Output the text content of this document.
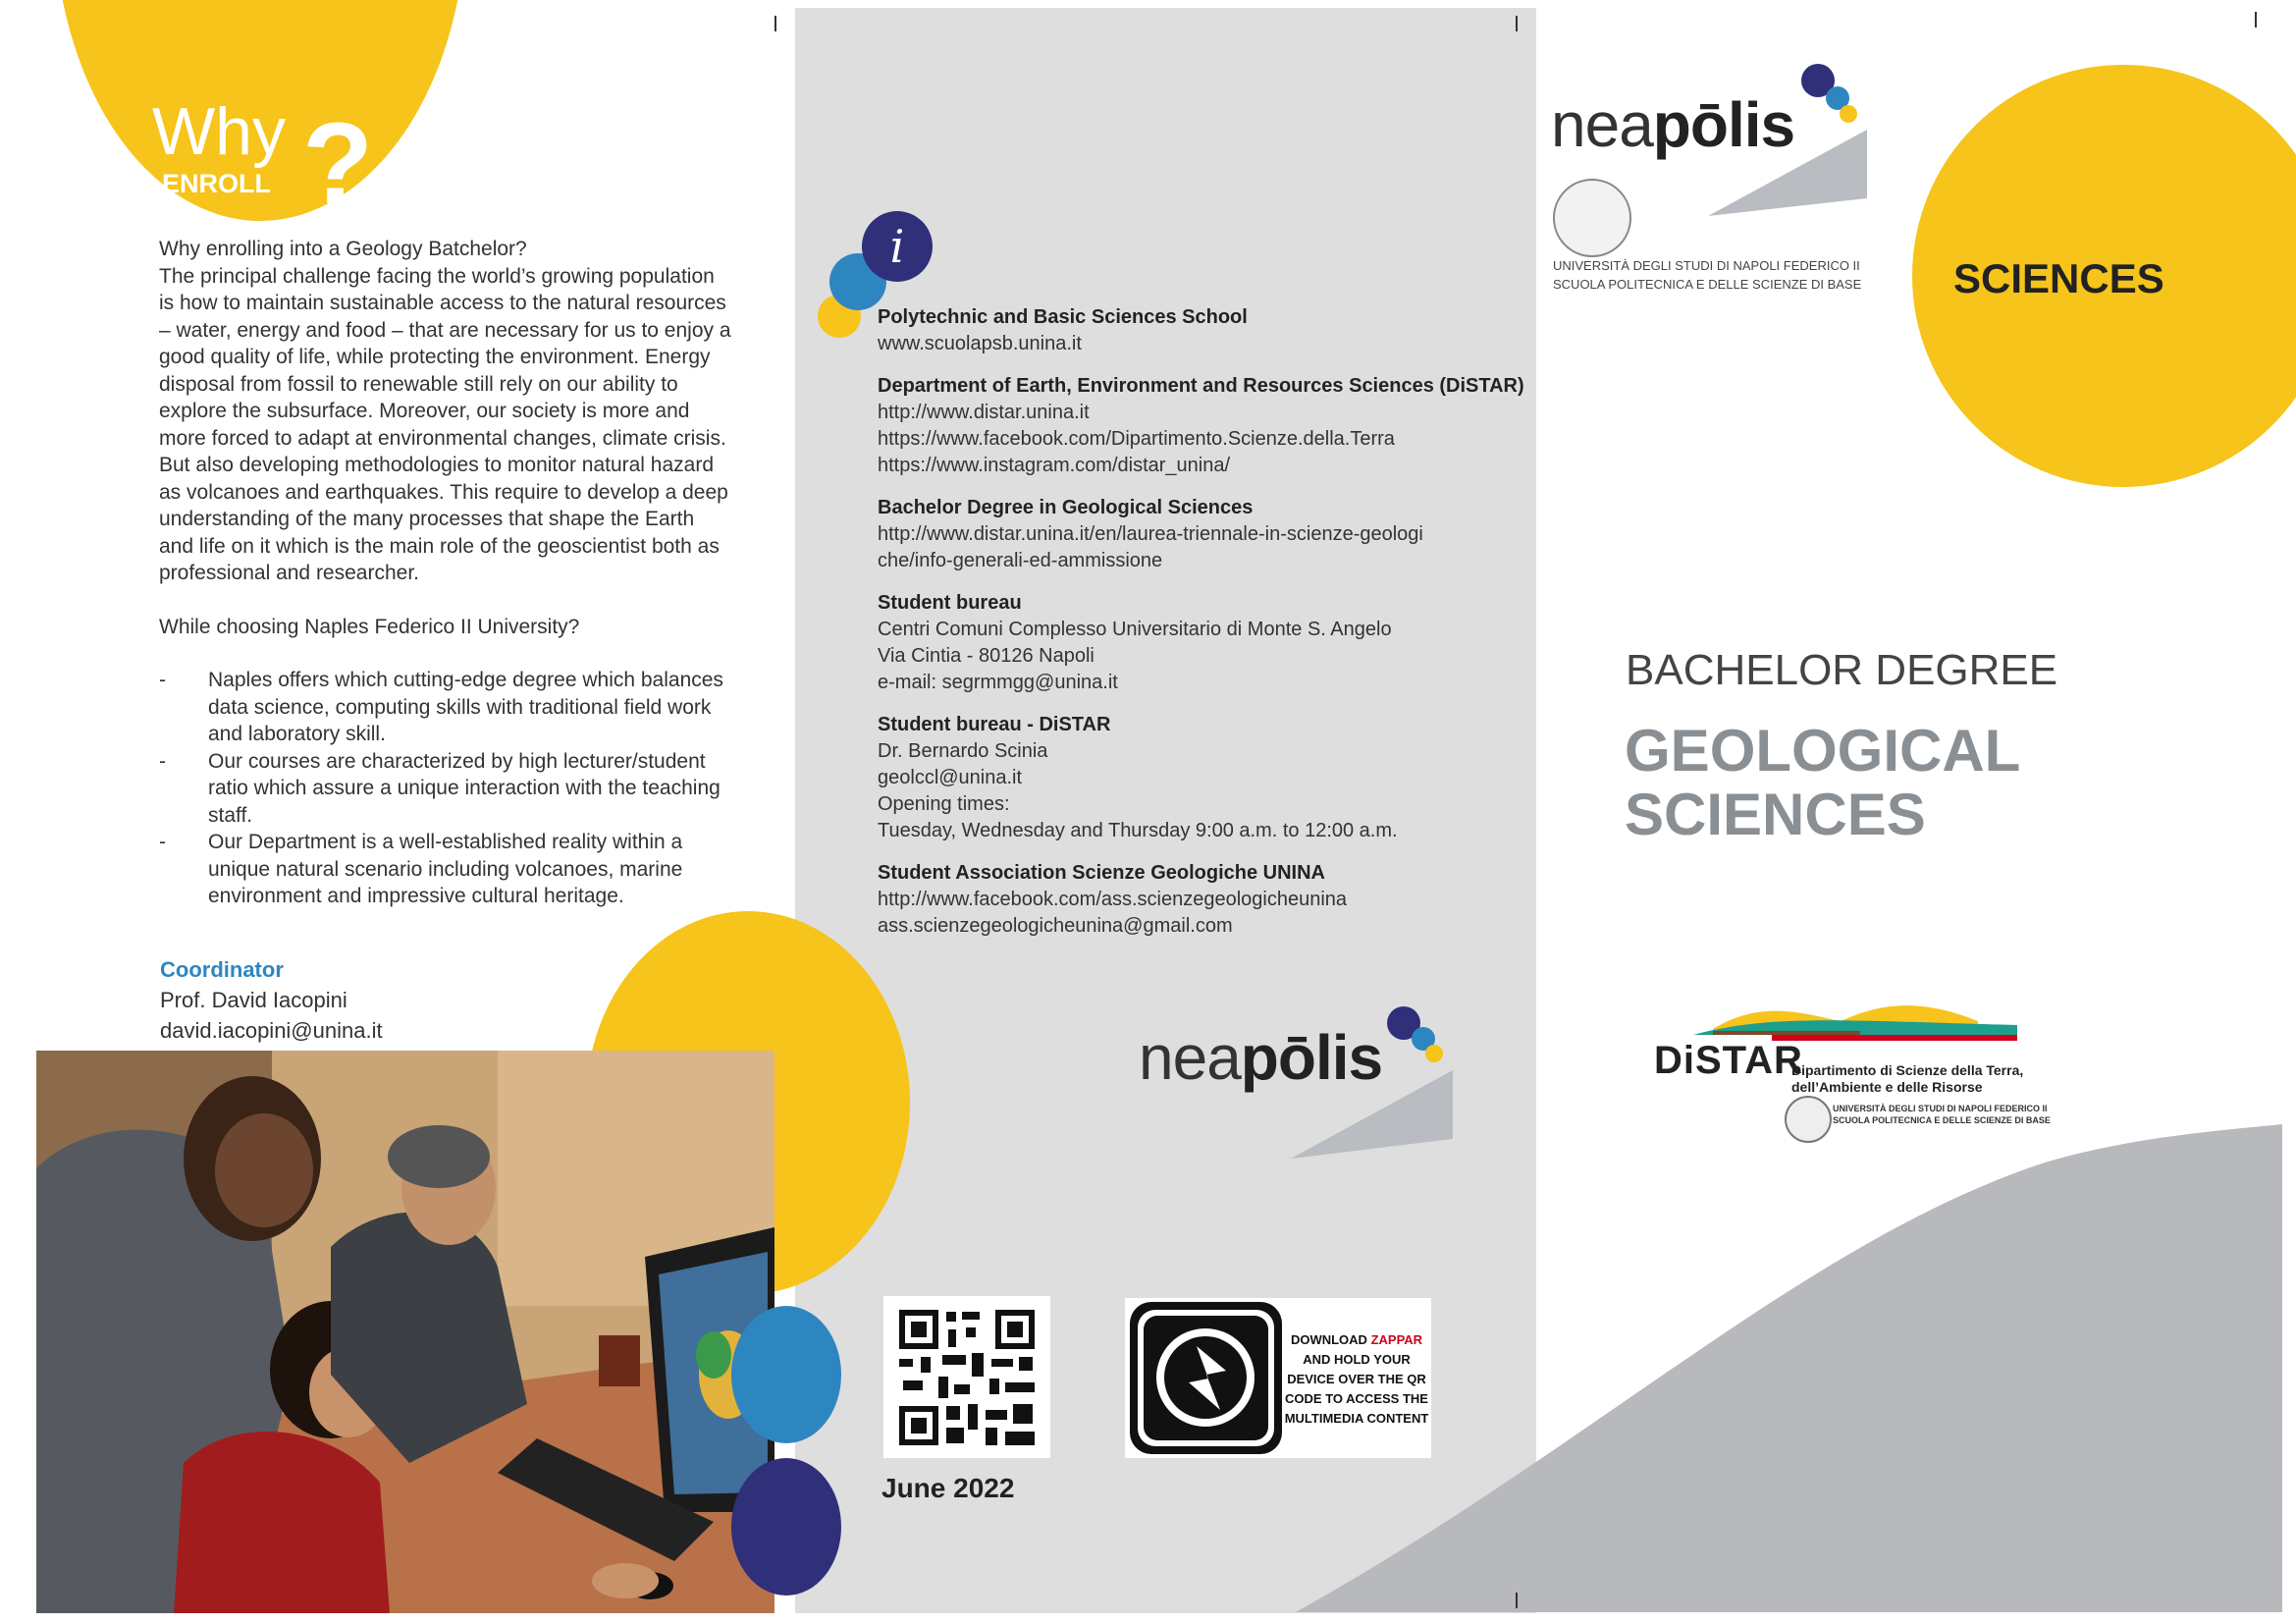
Why
ENROLL ?

Why enrolling into a Geology Batchelor?

The principal challenge facing the world’s growing population is how to maintain sustainable access to the natural resources – water, energy and food – that are necessary for us to enjoy a good quality of life, while protecting the environment. Energy disposal from fossil to renewable still rely on our ability to explore the subsurface. Moreover, our society is more and more forced to adapt at environmental changes, climate crisis. But also developing methodologies to monitor natural hazard as volcanoes and earthquakes. This require to develop a deep understanding of the many processes that shape the Earth and life on it which is the main role of the geoscientist both as professional and researcher.

While choosing Naples Federico II University?

-	Naples offers which cutting-edge degree which balances data science, computing skills with traditional field work and laboratory skill.
-	Our courses are characterized by high lecturer/student ratio which assure a unique interaction with the teaching staff.
-	Our Department is a well-established reality within a unique natural scenario including volcanoes, marine environment and impressive cultural heritage.
Coordinator
Prof. David Iacopini
david.iacopini@unina.it
i
Polytechnic and Basic Sciences School
www.scuolapsb.unina.it
Department of Earth, Environment and Resources Sciences (DiSTAR)
http://www.distar.unina.it
https://www.facebook.com/Dipartimento.Scienze.della.Terra
https://www.instagram.com/distar_unina/
Bachelor Degree in Geological Sciences
http://www.distar.unina.it/en/laurea-triennale-in-scienze-geologiche/info-generali-ed-ammissione
Student bureau
Centri Comuni Complesso Universitario di Monte S. Angelo
Via Cintia - 80126 Napoli
e-mail: segrmmgg@unina.it
Student bureau - DiSTAR
Dr. Bernardo Scinia
geolccl@unina.it
Opening times:
Tuesday, Wednesday and Thursday 9:00 a.m. to 12:00 a.m.
Student Association Scienze Geologiche UNINA
http://www.facebook.com/ass.scienzegeologicheunina
ass.scienzegeologicheunina@gmail.com
neapōlis
DOWNLOAD ZAPPAR AND HOLD YOUR DEVICE OVER THE QR CODE TO ACCESS THE MULTIMEDIA CONTENT
June 2022
neapōlis
UNIVERSITÀ DEGLI STUDI DI NAPOLI FEDERICO II
SCUOLA POLITECNICA E DELLE SCIENZE DI BASE SCIENCES
BACHELOR DEGREE
GEOLOGICAL
SCIENCES
DiSTAR
Dipartimento di Scienze della Terra,
dell’Ambiente e delle Risorse
UNIVERSITÀ DEGLI STUDI DI NAPOLI FEDERICO II
SCUOLA POLITECNICA E DELLE SCIENZE DI BASE
